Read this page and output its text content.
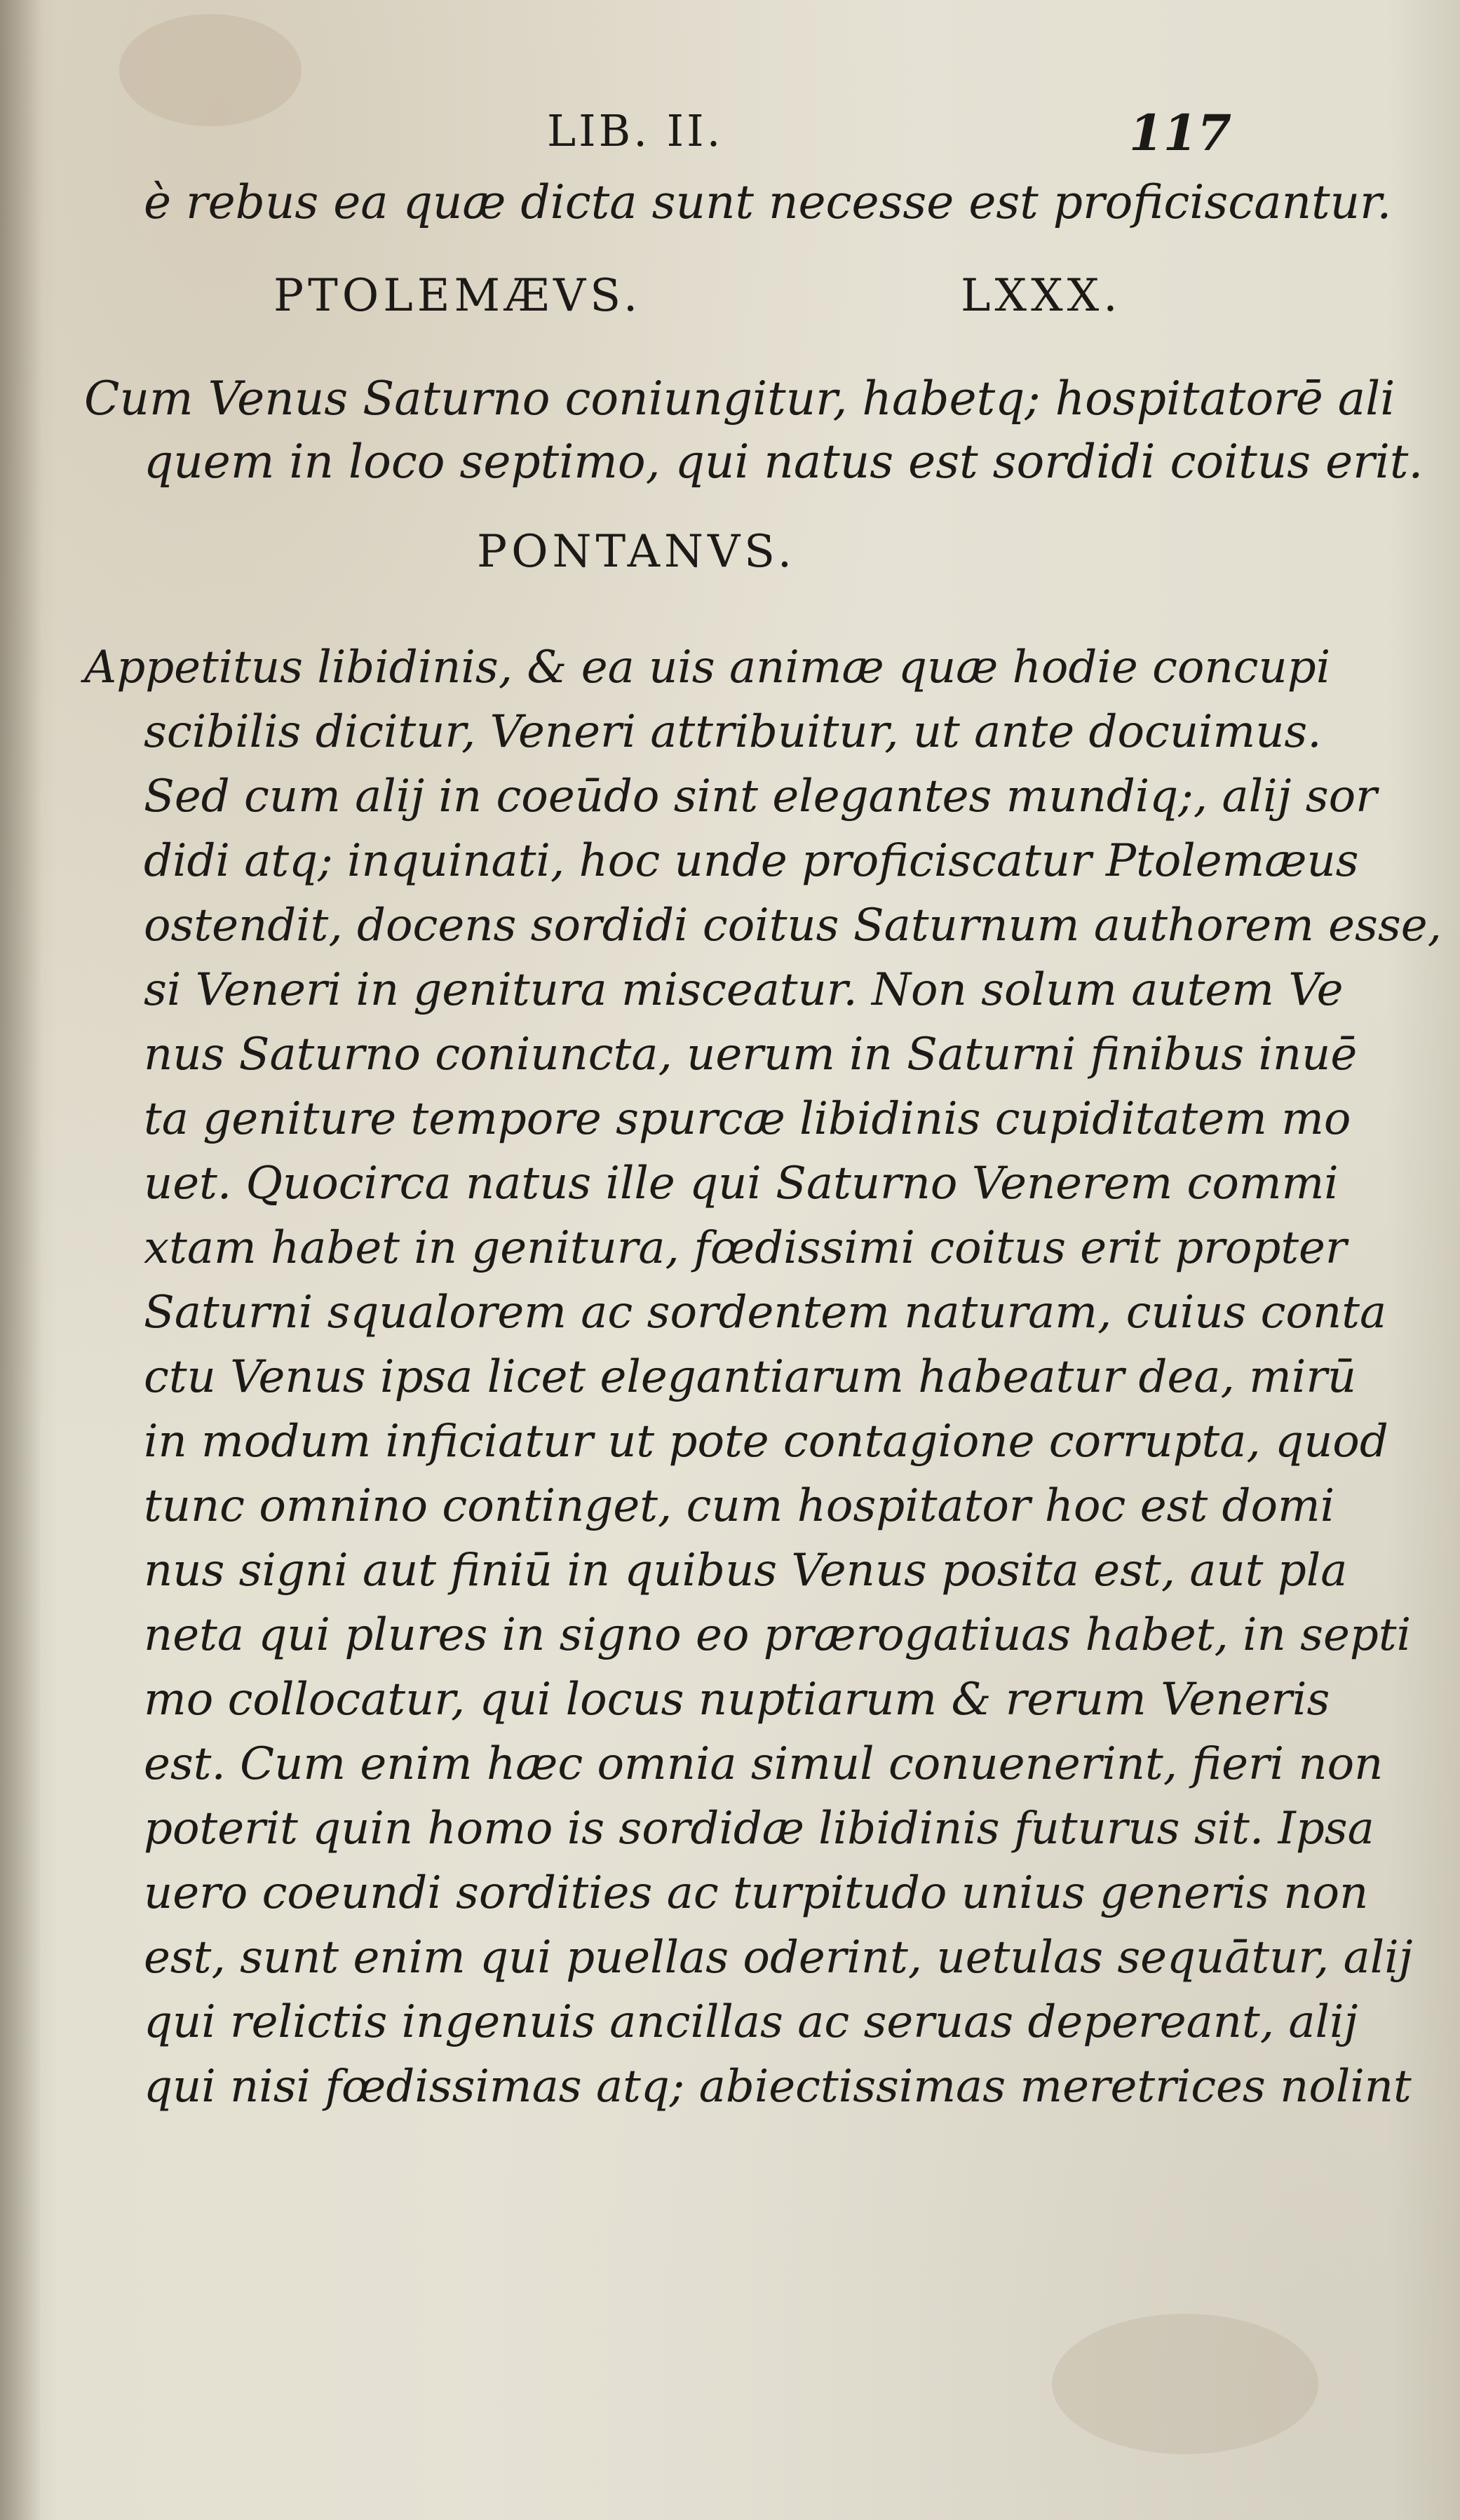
LIB. II.	117
è rebus ea quæ dicta sunt necesse est proficiscantur.
PTOLEMÆVS.	LXXX.
Cum Venus Saturno coniungitur, habetq; hospitatorē ali
quem in loco septimo, qui natus est sordidi coitus erit.
PONTANVS.
Appetitus libidinis, & ea uis animæ quæ hodie concupi
scibilis dicitur, Veneri attribuitur, ut ante docuimus.
Sed cum alij in coeūdo sint elegantes mundiq;, alij sor
didi atq; inquinati, hoc unde proficiscatur Ptolemæus
ostendit, docens sordidi coitus Saturnum authorem esse,
si Veneri in genitura misceatur. Non solum autem Ve
nus Saturno coniuncta, uerum in Saturni finibus inuē
ta geniture tempore spurcæ libidinis cupiditatem mo
uet. Quocirca natus ille qui Saturno Venerem commi
xtam habet in genitura, fœdissimi coitus erit propter
Saturni squalorem ac sordentem naturam, cuius conta
ctu Venus ipsa licet elegantiarum habeatur dea, mirū
in modum inficiatur ut pote contagione corrupta, quod
tunc omnino continget, cum hospitator hoc est domi
nus signi aut finiū in quibus Venus posita est, aut pla
neta qui plures in signo eo prærogatiuas habet, in septi
mo collocatur, qui locus nuptiarum & rerum Veneris
est. Cum enim hæc omnia simul conuenerint, fieri non
poterit quin homo is sordidæ libidinis futurus sit. Ipsa
uero coeundi sordities ac turpitudo unius generis non
est, sunt enim qui puellas oderint, uetulas sequātur, alij
qui relictis ingenuis ancillas ac seruas depereant, alij
qui nisi fœdissimas atq; abiectissimas meretrices nolint
